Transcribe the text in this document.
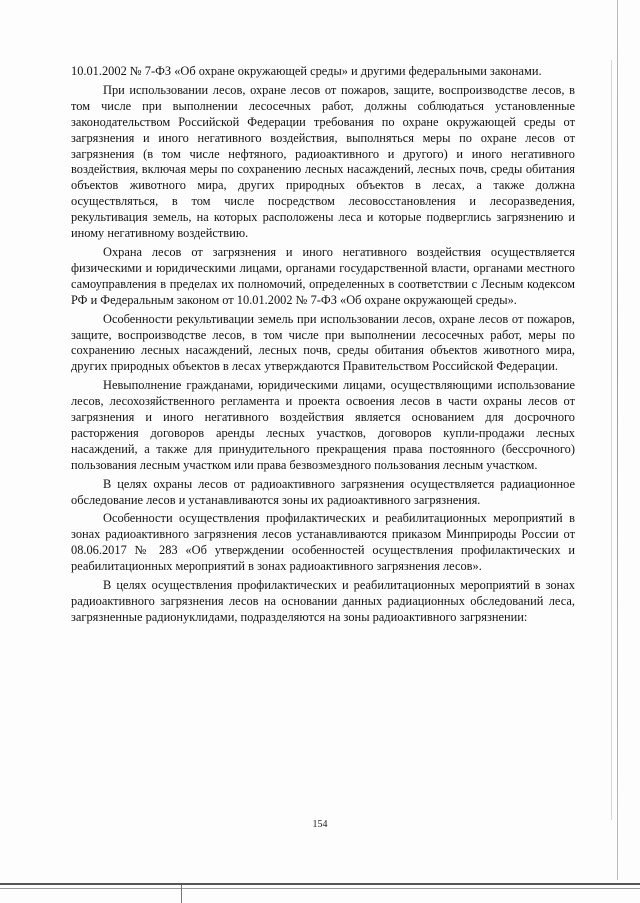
10.01.2002 № 7-ФЗ «Об охране окружающей среды» и другими федеральными законами.

При использовании лесов, охране лесов от пожаров, защите, воспроизводстве лесов, в том числе при выполнении лесосечных работ, должны соблюдаться установленные законодательством Российской Федерации требования по охране окружающей среды от загрязнения и иного негативного воздействия, выполняться меры по охране лесов от загрязнения (в том числе нефтяного, радиоактивного и другого) и иного негативного воздействия, включая меры по сохранению лесных насаждений, лесных почв, среды обитания объектов животного мира, других природных объектов в лесах, а также должна осуществляться, в том числе посредством лесовосстановления и лесоразведения, рекультивация земель, на которых расположены леса и которые подверглись загрязнению и иному негативному воздействию.

Охрана лесов от загрязнения и иного негативного воздействия осуществляется физическими и юридическими лицами, органами государственной власти, органами местного самоуправления в пределах их полномочий, определенных в соответствии с Лесным кодексом РФ и Федеральным законом от 10.01.2002 № 7-ФЗ «Об охране окружающей среды».

Особенности рекультивации земель при использовании лесов, охране лесов от пожаров, защите, воспроизводстве лесов, в том числе при выполнении лесосечных работ, меры по сохранению лесных насаждений, лесных почв, среды обитания объектов животного мира, других природных объектов в лесах утверждаются Правительством Российской Федерации.

Невыполнение гражданами, юридическими лицами, осуществляющими использование лесов, лесохозяйственного регламента и проекта освоения лесов в части охраны лесов от загрязнения и иного негативного воздействия является основанием для досрочного расторжения договоров аренды лесных участков, договоров купли-продажи лесных насаждений, а также для принудительного прекращения права постоянного (бессрочного) пользования лесным участком или права безвозмездного пользования лесным участком.

В целях охраны лесов от радиоактивного загрязнения осуществляется радиационное обследование лесов и устанавливаются зоны их радиоактивного загрязнения.

Особенности осуществления профилактических и реабилитационных мероприятий в зонах радиоактивного загрязнения лесов устанавливаются приказом Минприроды России от 08.06.2017 № 283 «Об утверждении особенностей осуществления профилактических и реабилитационных мероприятий в зонах радиоактивного загрязнения лесов».

В целях осуществления профилактических и реабилитационных мероприятий в зонах радиоактивного загрязнения лесов на основании данных радиационных обследований леса, загрязненные радионуклидами, подразделяются на зоны радиоактивного загрязнении:

154
